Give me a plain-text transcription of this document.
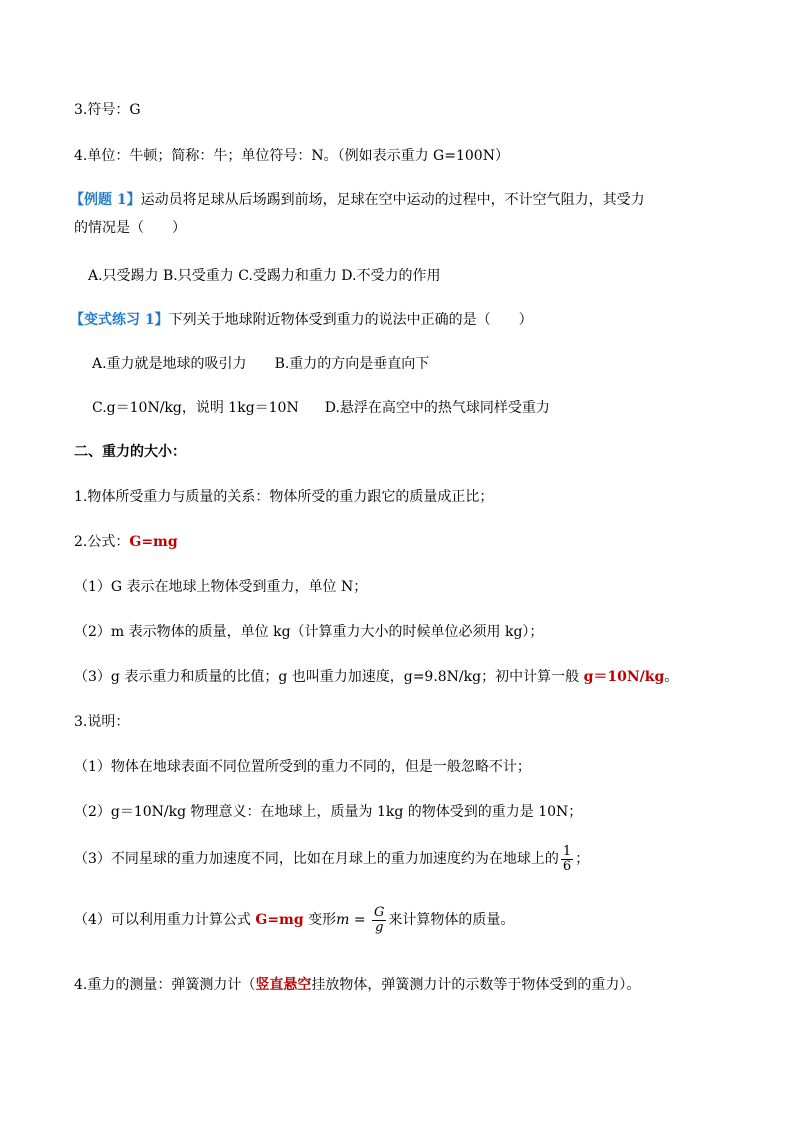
3.符号：G
4.单位：牛顿；简称：牛；单位符号：N。（例如表示重力 G=100N）
【例题 1】运动员将足球从后场踢到前场，足球在空中运动的过程中，不计空气阻力，其受力
的情况是（　　）
A.只受踢力 B.只受重力 C.受踢力和重力 D.不受力的作用
【变式练习 1】下列关于地球附近物体受到重力的说法中正确的是（　　）
A.重力就是地球的吸引力 B.重力的方向是垂直向下
C.g＝10N/kg，说明 1kg＝10N D.悬浮在高空中的热气球同样受重力
二、重力的大小：
1.物体所受重力与质量的关系：物体所受的重力跟它的质量成正比；
2.公式：G=mg
（1）G 表示在地球上物体受到重力，单位 N；
（2）m 表示物体的质量，单位 kg（计算重力大小的时候单位必须用 kg）；
（3）g 表示重力和质量的比值；g 也叫重力加速度，g=9.8N/kg；初中计算一般 g＝10N/kg。
3.说明：
（1）物体在地球表面不同位置所受到的重力不同的，但是一般忽略不计；
（2）g＝10N/kg 物理意义：在地球上，质量为 1kg 的物体受到的重力是 10N；
（3）不同星球的重力加速度不同，比如在月球上的重力加速度约为在地球上的 $\frac{1}{6}$ ；
（4）可以利用重力计算公式 G=mg 变形$m = \frac{G}{g}$ 来计算物体的质量。
4.重力的测量：弹簧测力计（竖直悬空挂放物体，弹簧测力计的示数等于物体受到的重力）。
